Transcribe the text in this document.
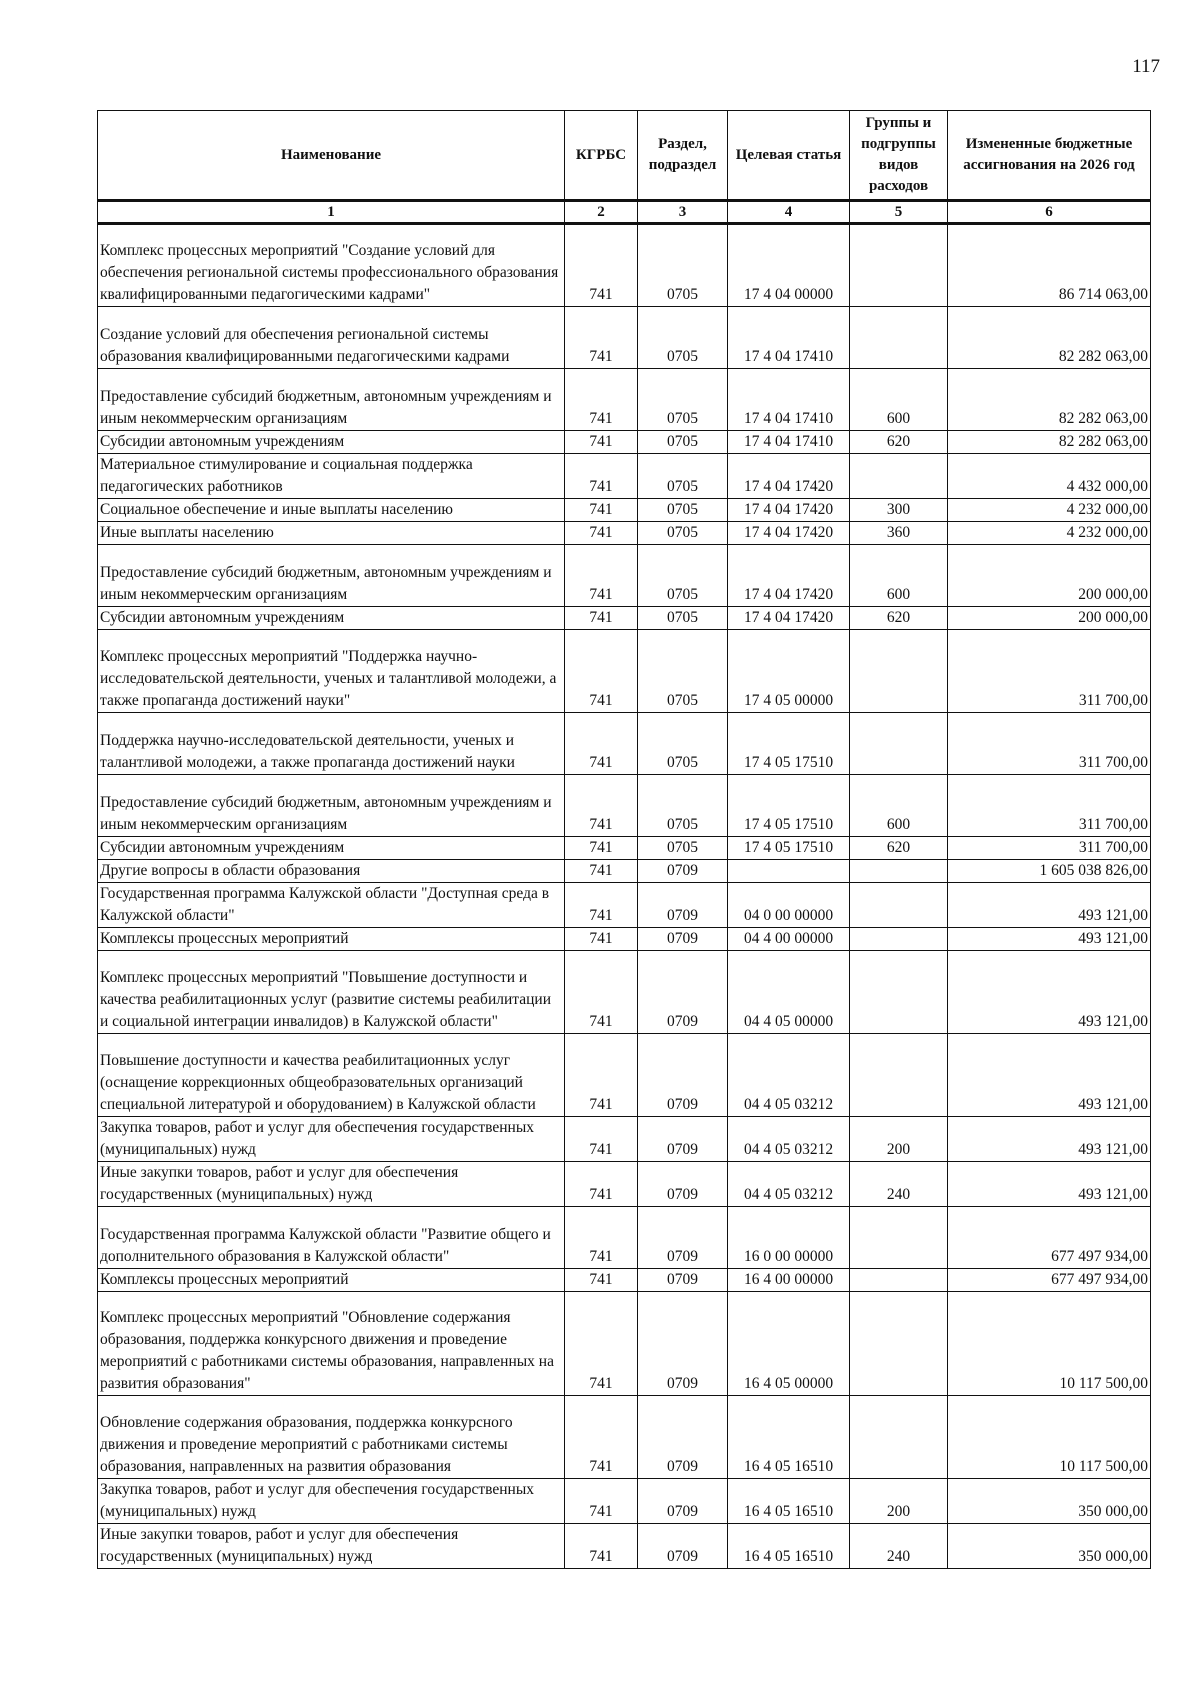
117
Наименование	КГРБС	Раздел, подраздел	Целевая статья	Группы и подгруппы видов расходов	Измененные бюджетные ассигнования на 2026 год
1	2	3	4	5	6
Комплекс процессных мероприятий "Создание условий для обеспечения региональной системы профессионального образования квалифицированными педагогическими кадрами"	741	0705	17 4 04 00000		86 714 063,00
Создание условий для обеспечения региональной системы образования квалифицированными педагогическими кадрами	741	0705	17 4 04 17410		82 282 063,00
Предоставление субсидий бюджетным, автономным учреждениям и иным некоммерческим организациям	741	0705	17 4 04 17410	600	82 282 063,00
Субсидии автономным учреждениям	741	0705	17 4 04 17410	620	82 282 063,00
Материальное стимулирование и социальная поддержка педагогических работников	741	0705	17 4 04 17420		4 432 000,00
Социальное обеспечение и иные выплаты населению	741	0705	17 4 04 17420	300	4 232 000,00
Иные выплаты населению	741	0705	17 4 04 17420	360	4 232 000,00
Предоставление субсидий бюджетным, автономным учреждениям и иным некоммерческим организациям	741	0705	17 4 04 17420	600	200 000,00
Субсидии автономным учреждениям	741	0705	17 4 04 17420	620	200 000,00
Комплекс процессных мероприятий "Поддержка научно-исследовательской деятельности, ученых и талантливой молодежи, а также пропаганда достижений науки"	741	0705	17 4 05 00000		311 700,00
Поддержка научно-исследовательской деятельности, ученых и талантливой молодежи, а также пропаганда достижений науки	741	0705	17 4 05 17510		311 700,00
Предоставление субсидий бюджетным, автономным учреждениям и иным некоммерческим организациям	741	0705	17 4 05 17510	600	311 700,00
Субсидии автономным учреждениям	741	0705	17 4 05 17510	620	311 700,00
Другие вопросы в области образования	741	0709			1 605 038 826,00
Государственная программа Калужской области "Доступная среда в Калужской области"	741	0709	04 0 00 00000		493 121,00
Комплексы процессных мероприятий	741	0709	04 4 00 00000		493 121,00
Комплекс процессных мероприятий "Повышение доступности и качества реабилитационных услуг (развитие системы реабилитации и социальной интеграции инвалидов) в Калужской области"	741	0709	04 4 05 00000		493 121,00
Повышение доступности и качества реабилитационных услуг (оснащение коррекционных общеобразовательных организаций специальной литературой и оборудованием) в Калужской области	741	0709	04 4 05 03212		493 121,00
Закупка товаров, работ и услуг для обеспечения государственных (муниципальных) нужд	741	0709	04 4 05 03212	200	493 121,00
Иные закупки товаров, работ и услуг для обеспечения государственных (муниципальных) нужд	741	0709	04 4 05 03212	240	493 121,00
Государственная программа Калужской области "Развитие общего и дополнительного образования в Калужской области"	741	0709	16 0 00 00000		677 497 934,00
Комплексы процессных мероприятий	741	0709	16 4 00 00000		677 497 934,00
Комплекс процессных мероприятий "Обновление содержания образования, поддержка конкурсного движения и проведение мероприятий с работниками системы образования, направленных на развития образования"	741	0709	16 4 05 00000		10 117 500,00
Обновление содержания образования, поддержка конкурсного движения и проведение мероприятий с работниками системы образования, направленных на развития образования	741	0709	16 4 05 16510		10 117 500,00
Закупка товаров, работ и услуг для обеспечения государственных (муниципальных) нужд	741	0709	16 4 05 16510	200	350 000,00
Иные закупки товаров, работ и услуг для обеспечения государственных (муниципальных) нужд	741	0709	16 4 05 16510	240	350 000,00
